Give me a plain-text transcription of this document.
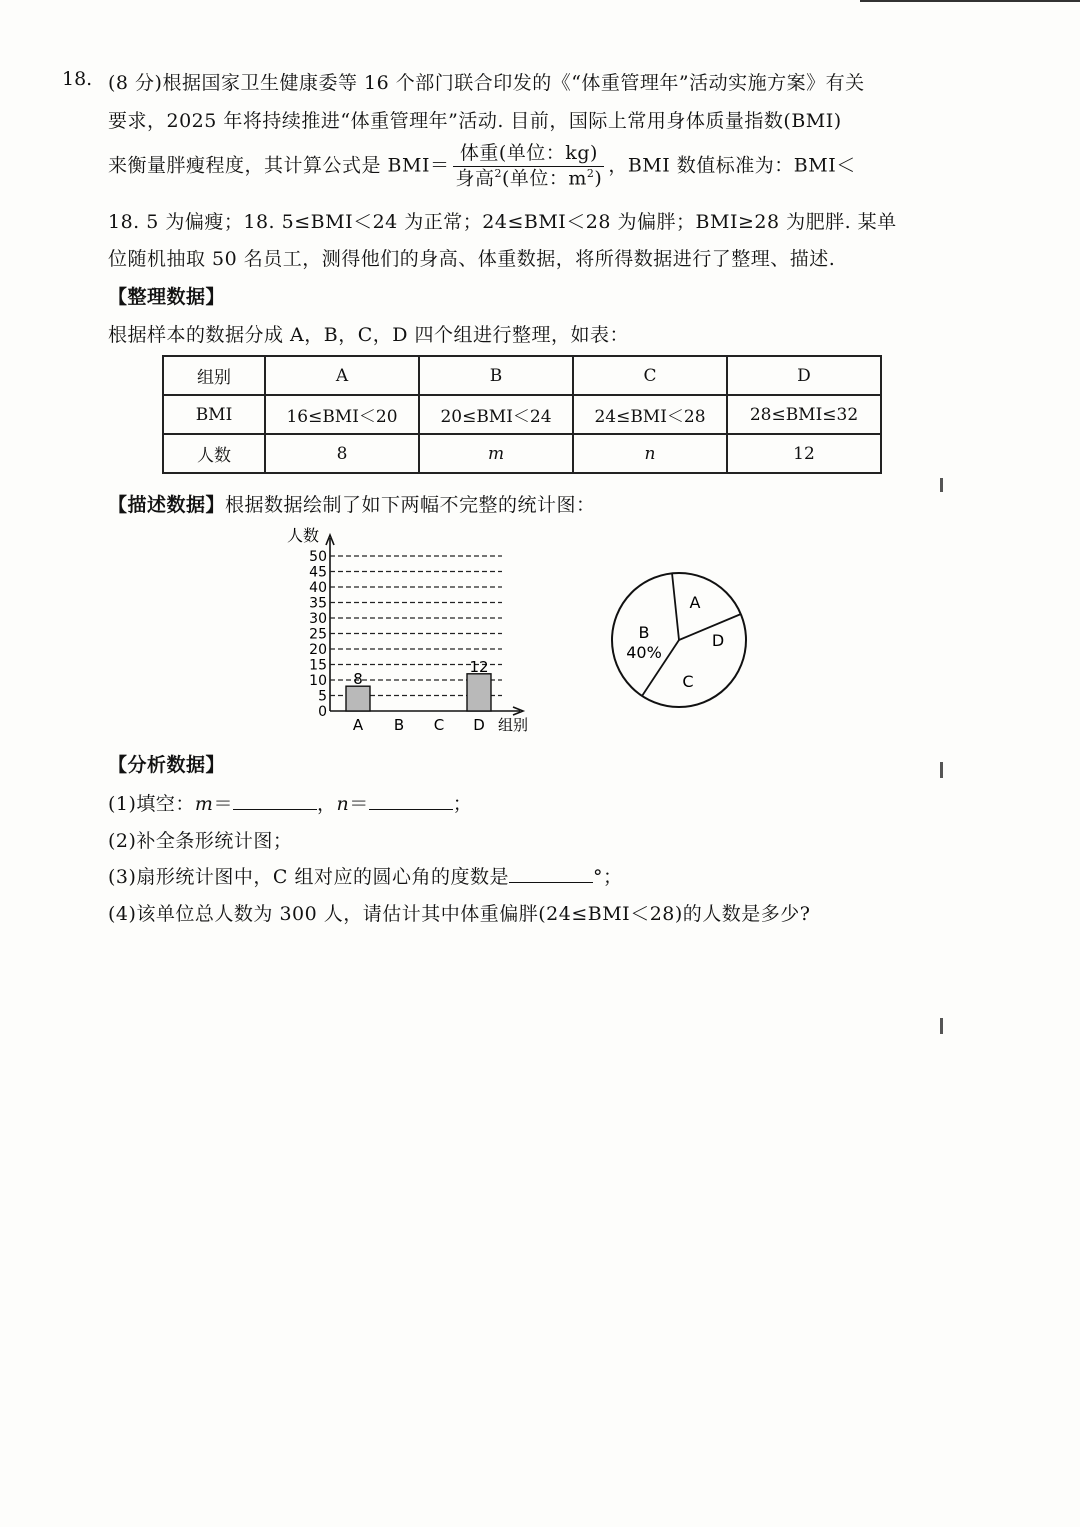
18. (8 分)根据国家卫生健康委等 16 个部门联合印发的《“体重管理年”活动实施方案》有关
要求，2025 年将持续推进“体重管理年”活动. 目前，国际上常用身体质量指数(BMI)
来衡量胖瘦程度，其计算公式是 $BMI= \frac{\text{体重(单位：kg)}}{身高^2(单位:m^2)}$ ，BMI 数值标准为：BMI＜
18. 5 为偏瘦；18. 5≤BMI＜24 为正常；24≤BMI＜28 为偏胖；BMI≥28 为肥胖. 某单
位随机抽取 50 名员工，测得他们的身高、体重数据，将所得数据进行了整理、描述.
【整理数据】
根据样本的数据分成 A，B，C，D 四个组进行整理，如表：
组别	A	B	C	D
BMI	16≤BMI＜20	20≤BMI＜24	24≤BMI＜28	28≤BMI≤32
人数	8	m	n	12
【描述数据】根据数据绘制了如下两幅不完整的统计图：
人数
0
5
10
15
20
25
30
35
40
45
50
A
8
B C D
12
组别
A
B
40%
C
D
【分析数据】
(1)填空：m＝	，n＝	；
(2)补全条形统计图；
(3)扇形统计图中，C 组对应的圆心角的度数是	°；
(4)该单位总人数为 300 人，请估计其中体重偏胖(24≤BMI＜28)的人数是多少?
